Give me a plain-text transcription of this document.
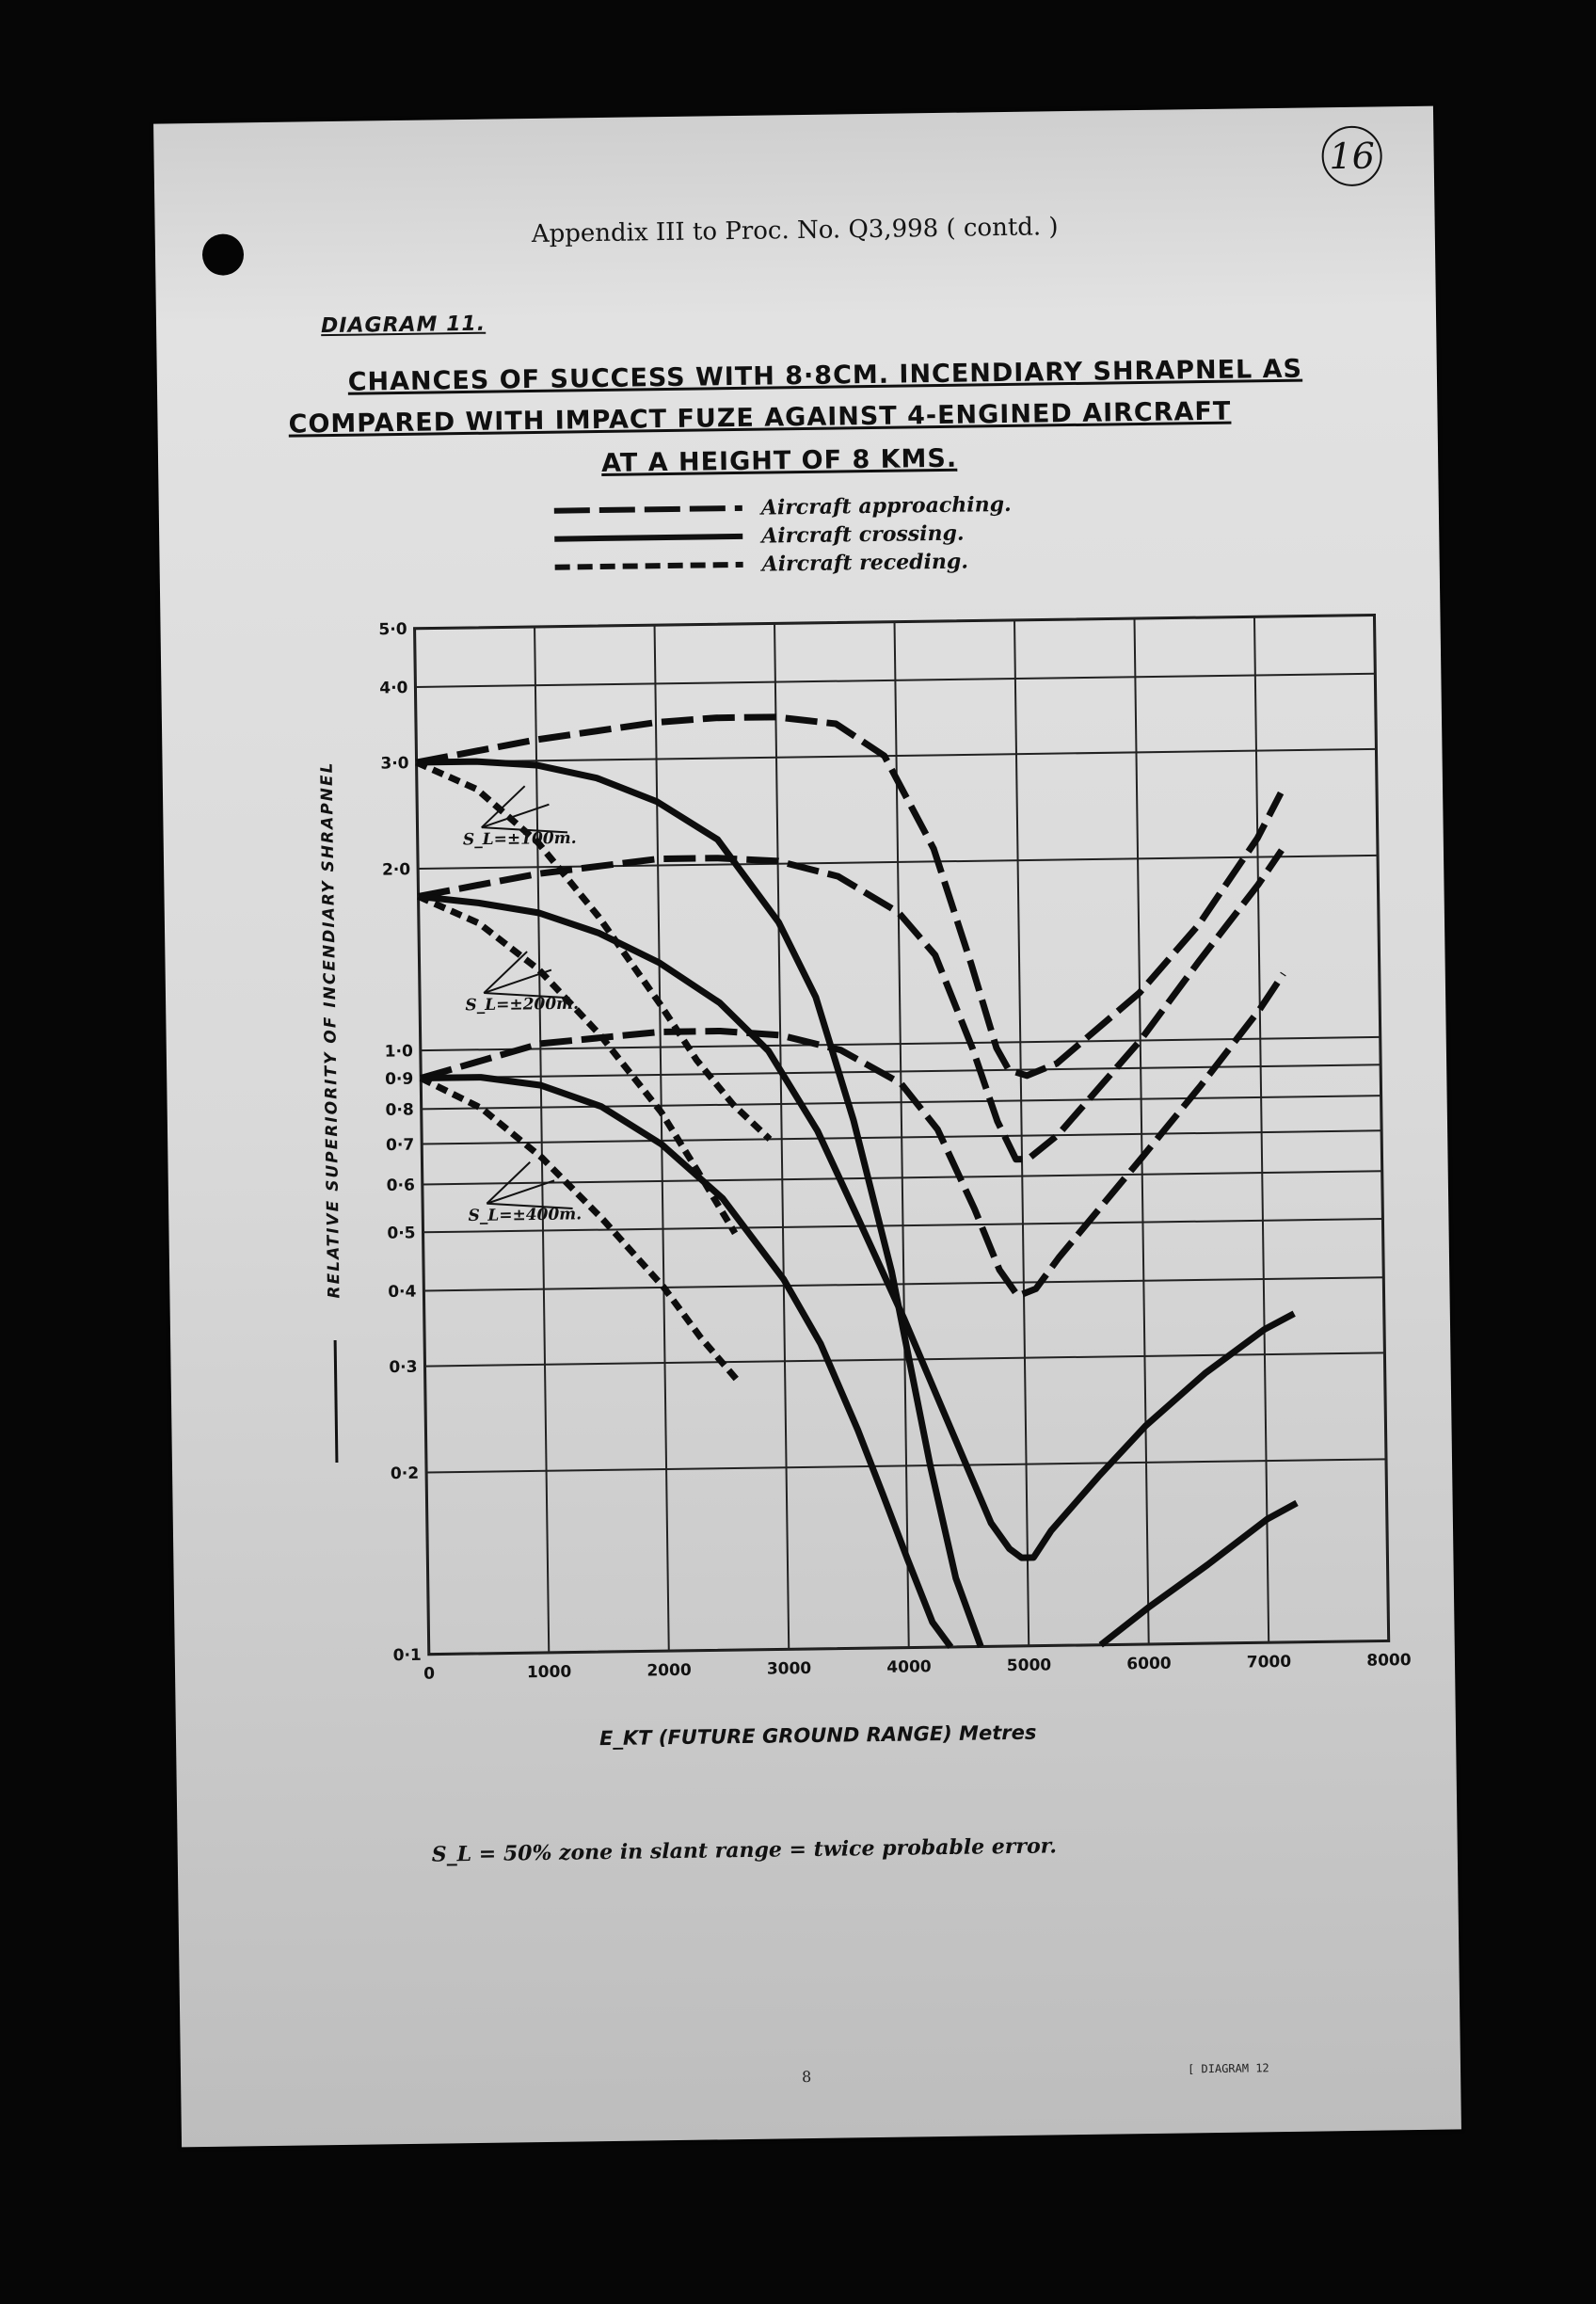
16
Appendix III to Proc. No. Q3,998 ( contd. )
DIAGRAM 11.
CHANCES OF SUCCESS WITH 8·8CM. INCENDIARY SHRAPNEL AS
COMPARED WITH IMPACT FUZE AGAINST 4-ENGINED AIRCRAFT
AT A HEIGHT OF 8 KMS.
Aircraft approaching.
Aircraft crossing.
Aircraft receding.
0	1000	2000	3000	4000	5000	6000	7000	8000
0·1
0·2
0·3
0·4
0·5
0·6
0·7
0·8
0·9
1·0
2·0
3·0
4·0
5·0
S_L=±100m.
S_L=±200m.
S_L=±400m.
RELATIVE SUPERIORITY OF INCENDIARY SHRAPNEL
E_KT (FUTURE GROUND RANGE) Metres
S_L = 50% zone in slant range = twice probable error.
8	[ DIAGRAM 12
